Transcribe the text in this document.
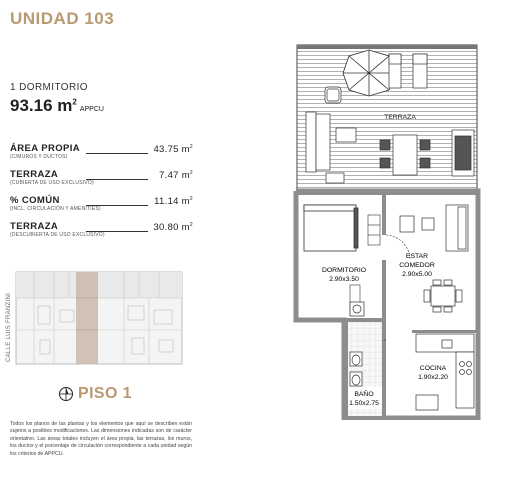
UNIDAD 103
1 DORMITORIO
93.16 $m^2APPCU$
ÁREA PROPIA
(C/MUROS Y DUCTOS)
43.75 $m^2$
TERRAZA
(CUBIERTA DE USO EXCLUSIVO)
7.47 $m^2$
% COMÚN
(INCL. CIRCULACIÓN Y AMENITIES)
11.14 $m^2$
TERRAZA
(DESCUBIERTA DE USO EXCLUSIVO)
30.80 $m^2$
CALLE LUIS FRANZINI
PISO 1
Todos los planos de las plantas y los elementos que aquí se describen están sujetos a posibles modificaciones. Las dimensiones indicadas son de carácter orientativo. Las áreas totales incluyen el área propia, las terrazas, los muros, los ductos y el porcentaje de circulación correspondiente a cada unidad según los criterios de APPCU.
TERRAZA
DORMITORIO
2.90x3.50
ESTAR
COMEDOR
2.90x5.00
COCINA
1.90x2.20
BAÑO
1.50x2.75
